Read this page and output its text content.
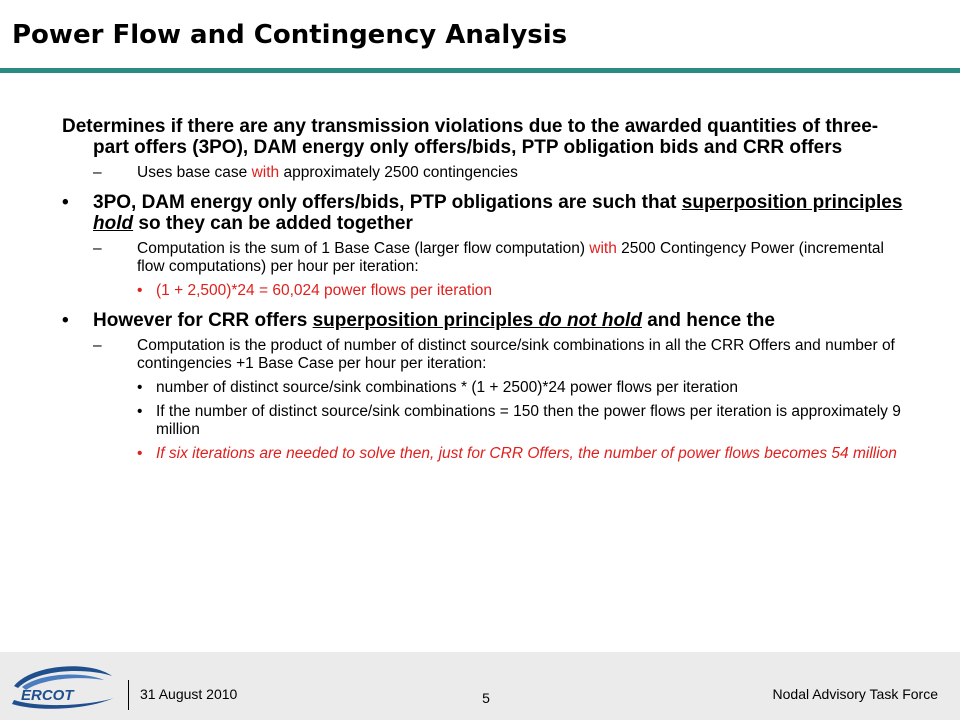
Power Flow and Contingency Analysis
Determines if there are any transmission violations due to the awarded quantities of three-part offers (3PO), DAM energy only offers/bids, PTP obligation bids and CRR offers
– Uses base case with approximately 2500 contingencies
• 3PO, DAM energy only offers/bids, PTP obligations are such that superposition principles hold so they can be added together
– Computation is the sum of 1 Base Case (larger flow computation) with 2500 Contingency Power (incremental flow computations) per hour per iteration:
• (1 + 2,500)*24 = 60,024 power flows per iteration
• However for CRR offers superposition principles do not hold and hence the
– Computation is the product of number of distinct source/sink combinations in all the CRR Offers and number of contingencies +1 Base Case per hour per iteration:
• number of distinct source/sink combinations * (1 + 2500)*24 power flows per iteration
• If the number of distinct source/sink combinations = 150 then the power flows per iteration is approximately 9 million
• If six iterations are needed to solve then, just for CRR Offers, the number of power flows becomes 54 million
ERCOT	31 August 2010	5	Nodal Advisory Task Force
